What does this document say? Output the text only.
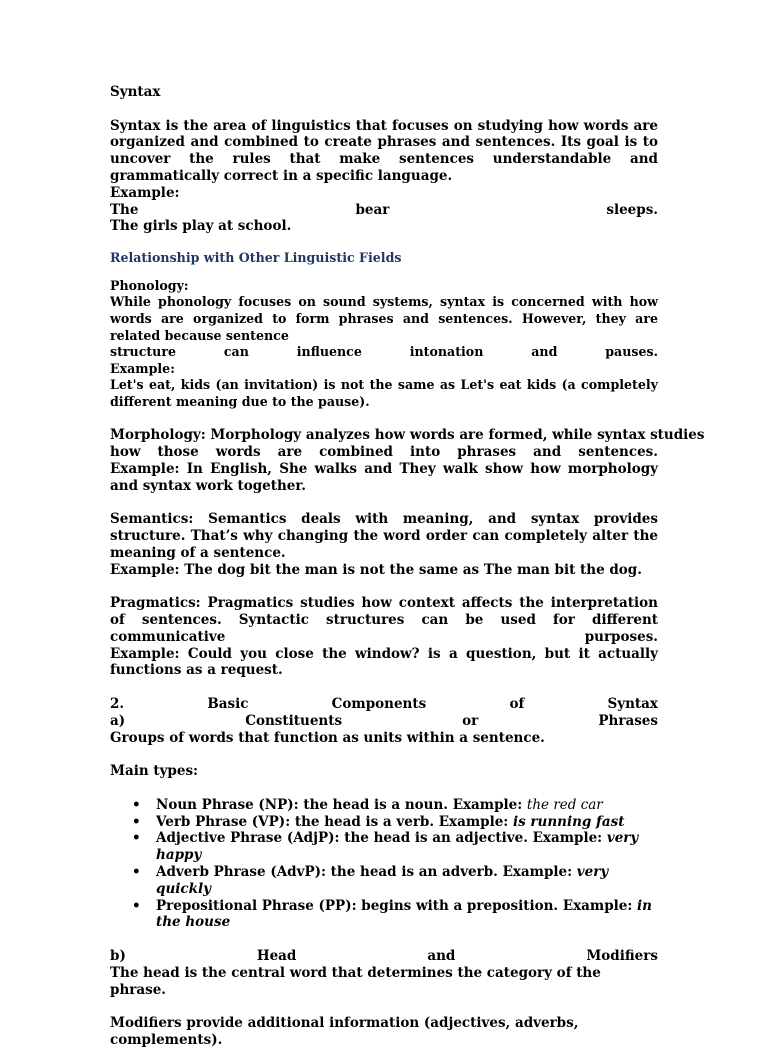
Syntax

Syntax is the area of linguistics that focuses on studying how words are organized and combined to create phrases and sentences. Its goal is to uncover the rules that make sentences understandable and grammatically correct in a specific language.

Example:

The	bear	sleeps.

The girls play at school.

Relationship with Other Linguistic Fields

Phonology:

While phonology focuses on sound systems, syntax is concerned with how words are organized to form phrases and sentences. However, they are related because sentence

structure	can	influence	intonation	and	pauses.

Example:

Let's eat, kids (an invitation) is not the same as Let's eat kids (a completely different meaning due to the pause).

Morphology: Morphology analyzes how words are formed, while syntax studies

how those words are combined into phrases and sentences.

Example: In English, She walks and They walk show how morphology and syntax work together.

Semantics: Semantics deals with meaning, and syntax provides structure. That’s why changing the word order can completely alter the meaning of a sentence.

Example: The dog bit the man is not the same as The man bit the dog.

Pragmatics: Pragmatics studies how context affects the interpretation of sentences. Syntactic structures can be used for different communicative purposes.

Example: Could you close the window? is a question, but it actually functions as a request.

2.	Basic	Components	of	Syntax
a)	Constituents	or	Phrases

Groups of words that function as units within a sentence.

Main types:

• Noun Phrase (NP): the head is a noun. Example: the red car
• Verb Phrase (VP): the head is a verb. Example: is running fast
• Adjective Phrase (AdjP): the head is an adjective. Example: very happy
• Adverb Phrase (AdvP): the head is an adverb. Example: very quickly
• Prepositional Phrase (PP): begins with a preposition. Example: in the house
b)	Head	and	Modifiers

The head is the central word that determines the category of the phrase.

Modifiers provide additional information (adjectives, adverbs, complements).
